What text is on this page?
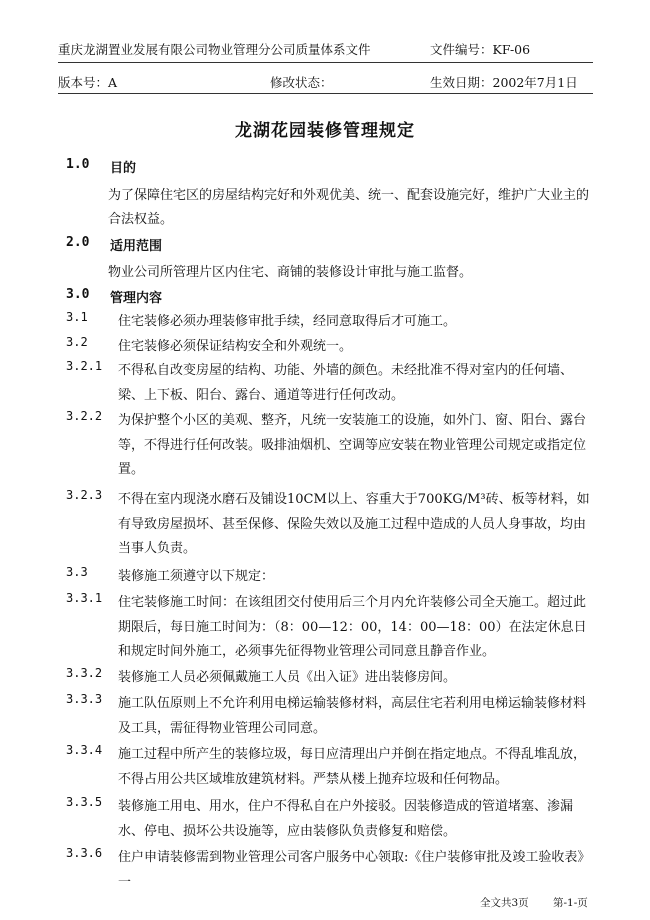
重庆龙湖置业发展有限公司物业管理分公司质量体系文件	文件编号：KF-06
版本号：A	修改状态：	生效日期：2002年7月1日
龙湖花园装修管理规定
1.0 目的
为了保障住宅区的房屋结构完好和外观优美、统一、配套设施完好，维护广大业主的
合法权益。
2.0 适用范围
物业公司所管理片区内住宅、商铺的装修设计审批与施工监督。
3.0 管理内容
3.1 住宅装修必须办理装修审批手续，经同意取得后才可施工。
3.2 住宅装修必须保证结构安全和外观统一。
3.2.1 不得私自改变房屋的结构、功能、外墙的颜色。未经批准不得对室内的任何墙、梁、上下板、阳台、露台、通道等进行任何改动。
3.2.2 为保护整个小区的美观、整齐，凡统一安装施工的设施，如外门、窗、阳台、露台等，不得进行任何改装。吸排油烟机、空调等应安装在物业管理公司规定或指定位置。
3.2.3 不得在室内现浇水磨石及铺设10CM以上、容重大于700KG/M³砖、板等材料，如有导致房屋损坏、甚至保修、保险失效以及施工过程中造成的人员人身事故，均由当事人负责。
3.3 装修施工须遵守以下规定：
3.3.1 住宅装修施工时间：在该组团交付使用后三个月内允许装修公司全天施工。超过此期限后，每日施工时间为：（8：00—12：00，14：00—18：00）在法定休息日和规定时间外施工，必须事先征得物业管理公司同意且静音作业。
3.3.2 装修施工人员必须佩戴施工人员《出入证》进出装修房间。
3.3.3 施工队伍原则上不允许利用电梯运输装修材料，高层住宅若利用电梯运输装修材料及工具，需征得物业管理公司同意。
3.3.4 施工过程中所产生的装修垃圾，每日应清理出户并倒在指定地点。不得乱堆乱放，不得占用公共区域堆放建筑材料。严禁从楼上抛弃垃圾和任何物品。
3.3.5 装修施工用电、用水，住户不得私自在户外接驳。因装修造成的管道堵塞、渗漏水、停电、损坏公共设施等，应由装修队负责修复和赔偿。
3.3.6 住户申请装修需到物业管理公司客户服务中心领取:《住户装修审批及竣工验收表》一
全文共3页 第-1-页
